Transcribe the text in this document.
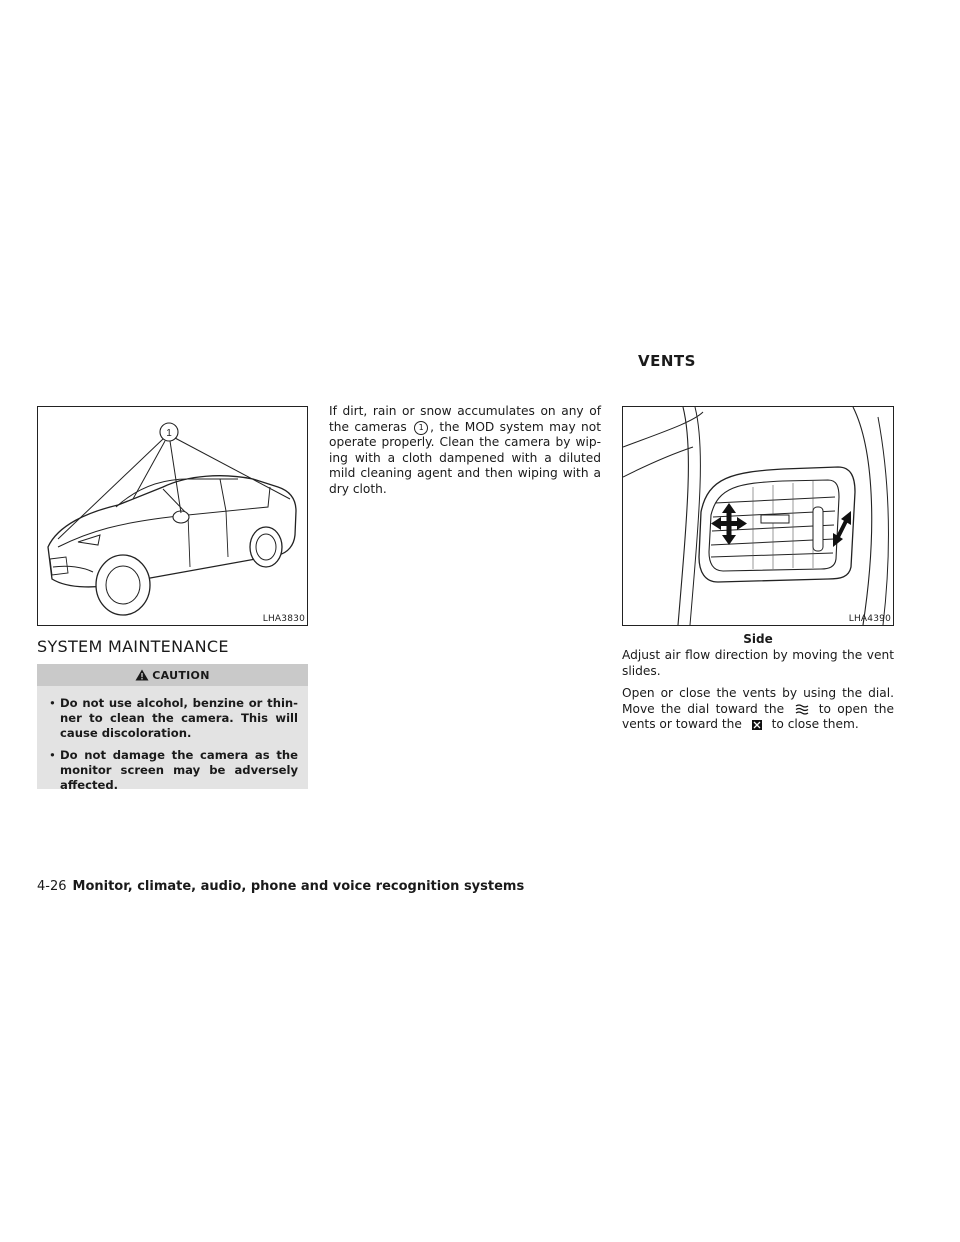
1
LHA3830
SYSTEM MAINTENANCE
CAUTION
• Do not use alcohol, benzine or thin-ner to clean the camera. This will cause discoloration.
• Do not damage the camera as the monitor screen may be adversely affected.
If dirt, rain or snow accumulates on any of the cameras 1 , the MOD system may not operate properly. Clean the camera by wip-ing with a cloth dampened with a diluted mild cleaning agent and then wiping with a dry cloth.
VENTS
LHA4390
Side
Adjust air flow direction by moving the vent slides.
Open or close the vents by using the dial. Move the dial toward the	to open the vents or toward the to close them.
4-26 Monitor, climate, audio, phone and voice recognition systems
